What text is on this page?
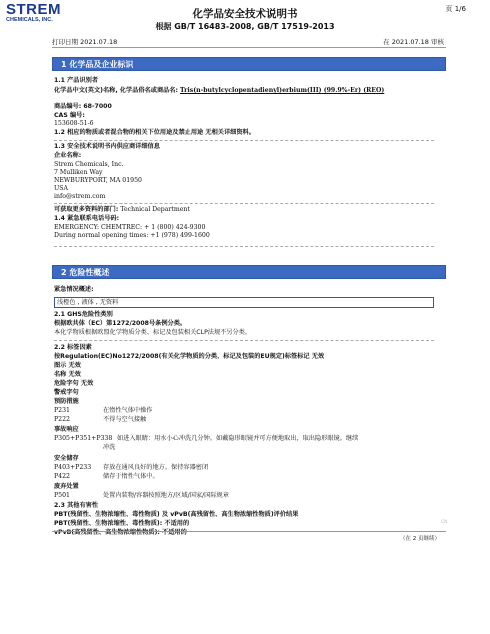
STREM
CHEMICALS, INC.	化学品安全技术说明书
根据 GB/T 16483-2008, GB/T 17519-2013
页 1/6
打印日期 2021.07.18	在 2021.07.18 审核
1 化学品及企业标识
1.1 产品识别者
化学品中文(英文)名称, 化学品俗名或商品名: Tris(n-butylcyclopentadienyl)erbium(III) (99.9%-Er) (REO)
商品编号: 68-7000
CAS 编号:
153608-51-6
1.2 相应的物质或者混合物的相关下位用途及禁止用途 无相关详细资料。
1.3 安全技术说明书内供应商详细信息
企业名称:
Strem Chemicals, Inc.
7 Mulliken Way
NEWBURYPORT, MA 01950
USA
info@strem.com
可获取更多资料的部门: Technical Department
1.4 紧急联系电话号码:
EMERGENCY: CHEMTREC: + 1 (800) 424-9300
During normal opening times: +1 (978) 499-1600
2 危险性概述
紧急情况概述:
浅橙色 , 液体 , 无资料
2.1 GHS危险性类别
根据欧共体（EC）第1272/2008号条例分类。
本化学物质根据欧盟化学物质分类、标记及包装相关CLP法规不另分类。
2.2 标签因素
按Regulation(EC)No1272/2008(有关化学物质的分类、标记及包装的EU规定)标签标记 无效
图示 无效
名称 无效
危险字句 无效
警戒字句
预防措施
P231	在惰性气体中操作
P222	不得与空气接触
事故响应
P305+P351+P338 如进入眼睛：用水小心冲洗几分钟。如戴隐形眼镜并可方便地取出，取出隐形眼镜。继续
冲洗
安全储存
P403+P233 存放在通风良好的地方。保持容器密闭
P422	储存于惰性气体中。
废弃处置
P501	处置内装物/容器按照地方/区域/国家/国际规章
2.3 其他有害性
PBT(残留性、生物浓缩性、毒性物质) 及 vPvB(高残留性、高生物浓缩性物质)评价结果
PBT(残留性、生物浓缩性、毒性物质): 不适用的
vPvB(高残留性、高生物浓缩性物质): 不适用的
CN
（在 2 页继续）
